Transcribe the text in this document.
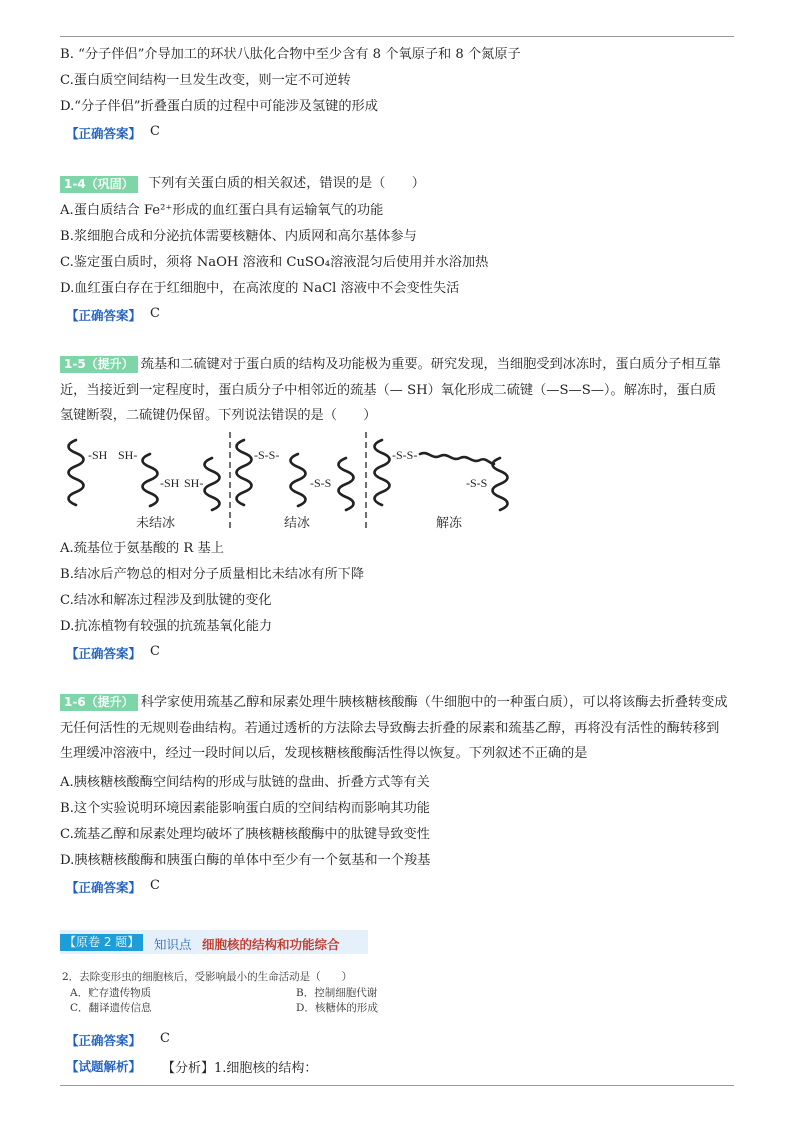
B. “分子伴侣”介导加工的环状八肽化合物中至少含有 8 个氧原子和 8 个氮原子
C.蛋白质空间结构一旦发生改变，则一定不可逆转
D.“分子伴侣”折叠蛋白质的过程中可能涉及氢键的形成
【正确答案】 C
1-4（巩固）	下列有关蛋白质的相关叙述，错误的是（　　）
A.蛋白质结合 Fe²⁺形成的血红蛋白具有运输氧气的功能
B.浆细胞合成和分泌抗体需要核糖体、内质网和高尔基体参与
C.鉴定蛋白质时，须将 NaOH 溶液和 CuSO₄溶液混匀后使用并水浴加热
D.血红蛋白存在于红细胞中，在高浓度的 NaCl 溶液中不会变性失活
【正确答案】 C
1-5（提升） 巯基和二硫键对于蛋白质的结构及功能极为重要。研究发现，当细胞受到冰冻时，蛋白质分子相互靠近，当接近到一定程度时，蛋白质分子中相邻近的巯基（— SH）氧化形成二硫键（—S—S—）。解冻时，蛋白质氢键断裂，二硫键仍保留。下列说法错误的是（　　）
-SH SH-
-SH SH-
-S-S-
-S-S
-S-S-
-S-S
未结冰	结冰	解冻
A.巯基位于氨基酸的 R 基上
B.结冰后产物总的相对分子质量相比未结冰有所下降
C.结冰和解冻过程涉及到肽键的变化
D.抗冻植物有较强的抗巯基氧化能力
【正确答案】 C
1-6（提升） 科学家使用巯基乙醇和尿素处理牛胰核糖核酸酶（牛细胞中的一种蛋白质），可以将该酶去折叠转变成无任何活性的无规则卷曲结构。若通过透析的方法除去导致酶去折叠的尿素和巯基乙醇，再将没有活性的酶转移到生理缓冲溶液中，经过一段时间以后，发现核糖核酸酶活性得以恢复。下列叙述不正确的是
A.胰核糖核酸酶空间结构的形成与肽链的盘曲、折叠方式等有关
B.这个实验说明环境因素能影响蛋白质的空间结构而影响其功能
C.巯基乙醇和尿素处理均破坏了胰核糖核酸酶中的肽键导致变性
D.胰核糖核酸酶和胰蛋白酶的单体中至少有一个氨基和一个羧基
【正确答案】 C
【原卷 2 题】	知识点 细胞核的结构和功能综合
2．去除变形虫的细胞核后，受影响最小的生命活动是（　　）
A．贮存遗传物质	B．控制细胞代谢
C．翻译遗传信息	D．核糖体的形成
【正确答案】 C
【试题解析】 【分析】1.细胞核的结构：
